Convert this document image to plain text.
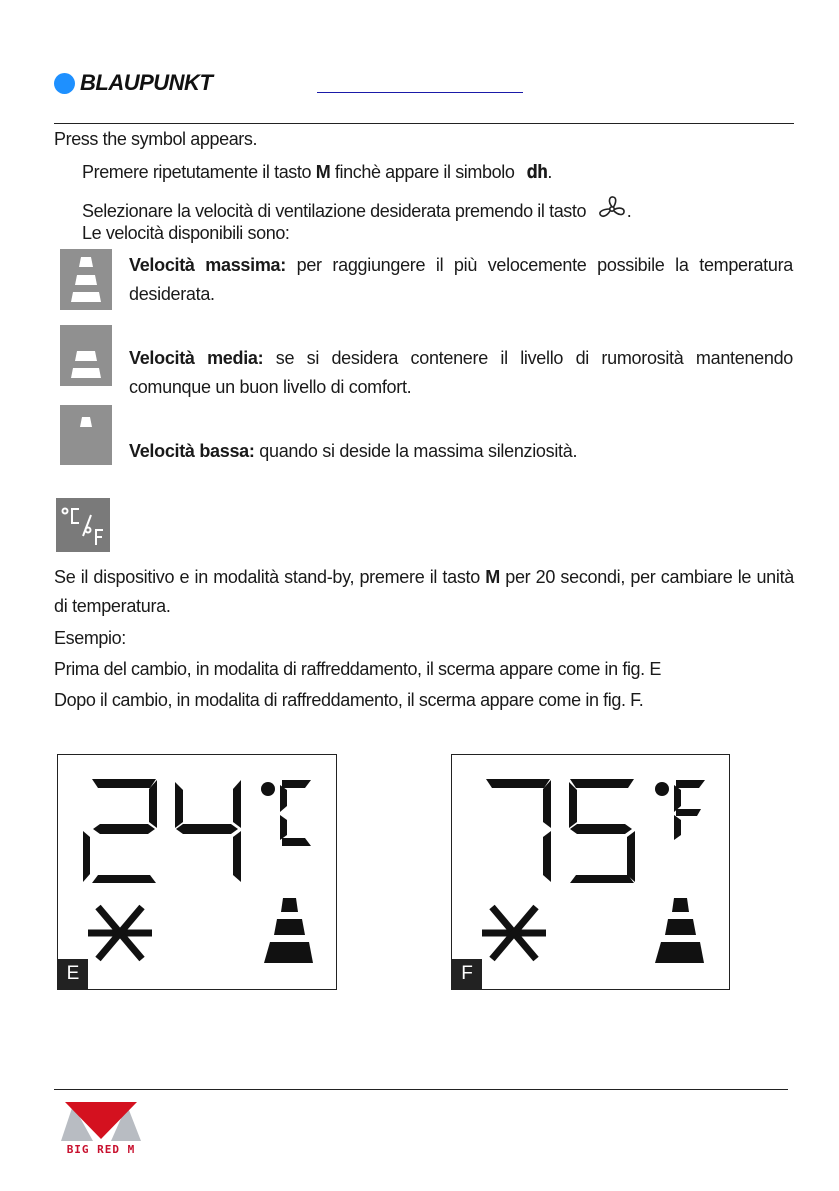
BLAUPUNKT
Press the symbol appears.
Premere ripetutamente il tasto M finchè appare il simbolo dh.
Selezionare la velocità di ventilazione desiderata premendo il tasto .
Le velocità disponibili sono:
Velocità massima: per raggiungere il più velocemente possibile la temperatura desiderata.
Velocità media: se si desidera contenere il livello di rumorosità mantenendo comunque un buon livello di comfort.
Velocità bassa: quando si deside la massima silenziosità.
Se il dispositivo e in modalità stand-by, premere il tasto M per 20 secondi, per cambiare le unità di temperatura.
Esempio:
Prima del cambio, in modalita di raffreddamento, il scerma appare come in fig. E
Dopo il cambio, in modalita di raffreddamento, il scerma appare come in fig. F.
E	F
BIG RED M
